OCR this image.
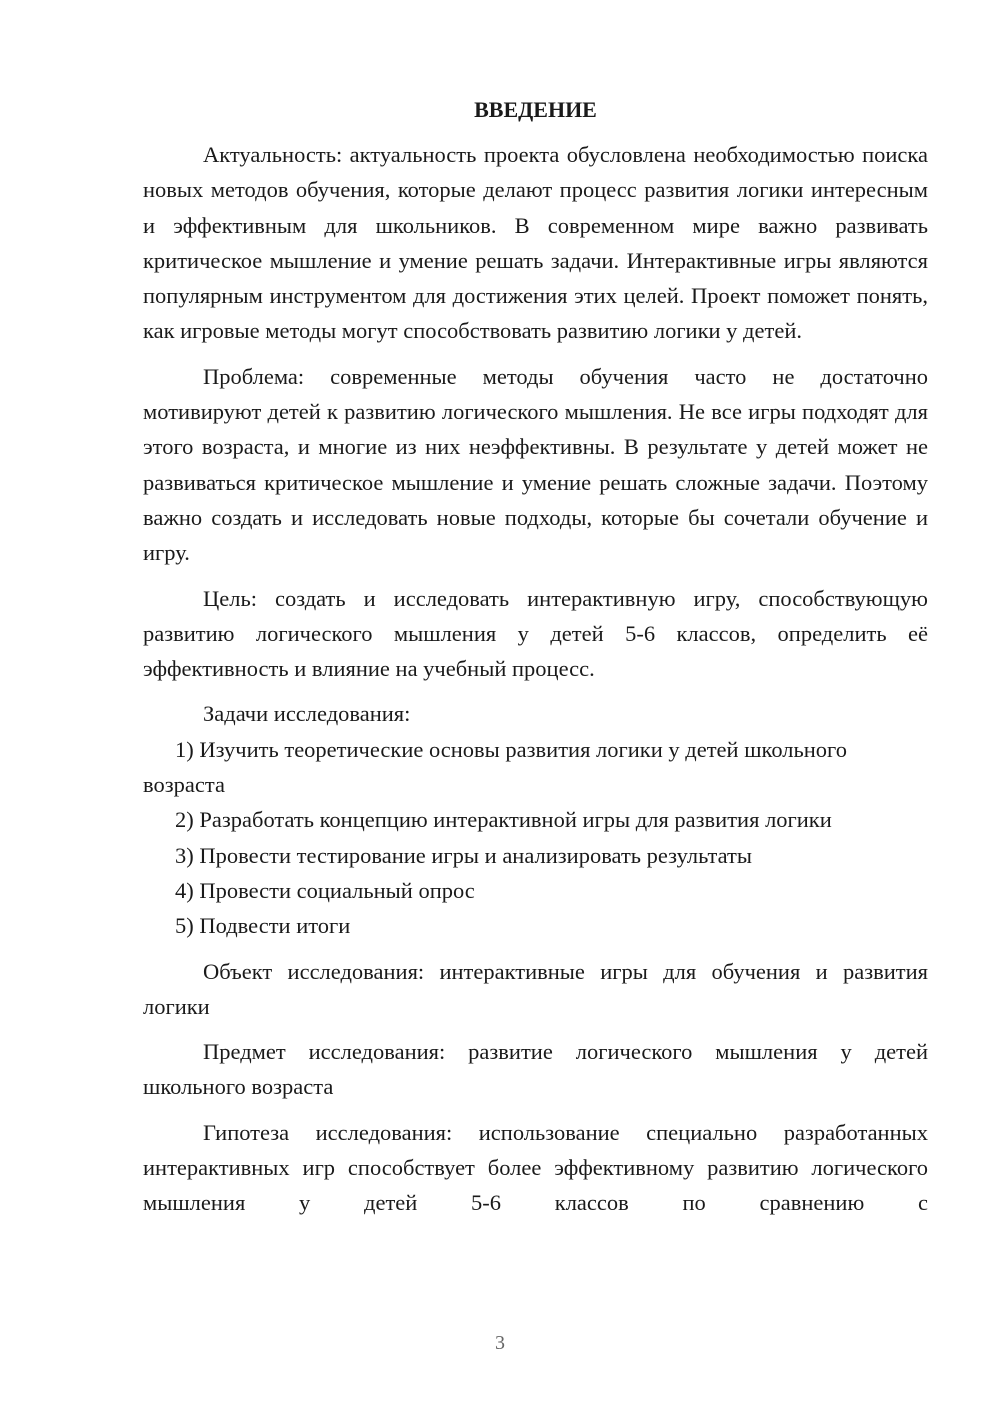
ВВЕДЕНИЕ

Актуальность: актуальность проекта обусловлена необходимостью поиска новых методов обучения, которые делают процесс развития логики интересным и эффективным для школьников. В современном мире важно развивать критическое мышление и умение решать задачи. Интерактивные игры являются популярным инструментом для достижения этих целей. Проект поможет понять, как игровые методы могут способствовать развитию логики у детей.

Проблема: современные методы обучения часто не достаточно мотивируют детей к развитию логического мышления. Не все игры подходят для этого возраста, и многие из них неэффективны. В результате у детей может не развиваться критическое мышление и умение решать сложные задачи. Поэтому важно создать и исследовать новые подходы, которые бы сочетали обучение и игру.

Цель: создать и исследовать интерактивную игру, способствующую развитию логического мышления у детей 5-6 классов, определить её эффективность и влияние на учебный процесс.

Задачи исследования:

1) Изучить теоретические основы развития логики у детей школьного возраста

2) Разработать концепцию интерактивной игры для развития логики

3) Провести тестирование игры и анализировать результаты

4) Провести социальный опрос

5) Подвести итоги

Объект исследования: интерактивные игры для обучения и развития логики

Предмет исследования: развитие логического мышления у детей школьного возраста

Гипотеза исследования: использование специально разработанных интерактивных игр способствует более эффективному развитию логического мышления у детей 5-6 классов по сравнению с

3
